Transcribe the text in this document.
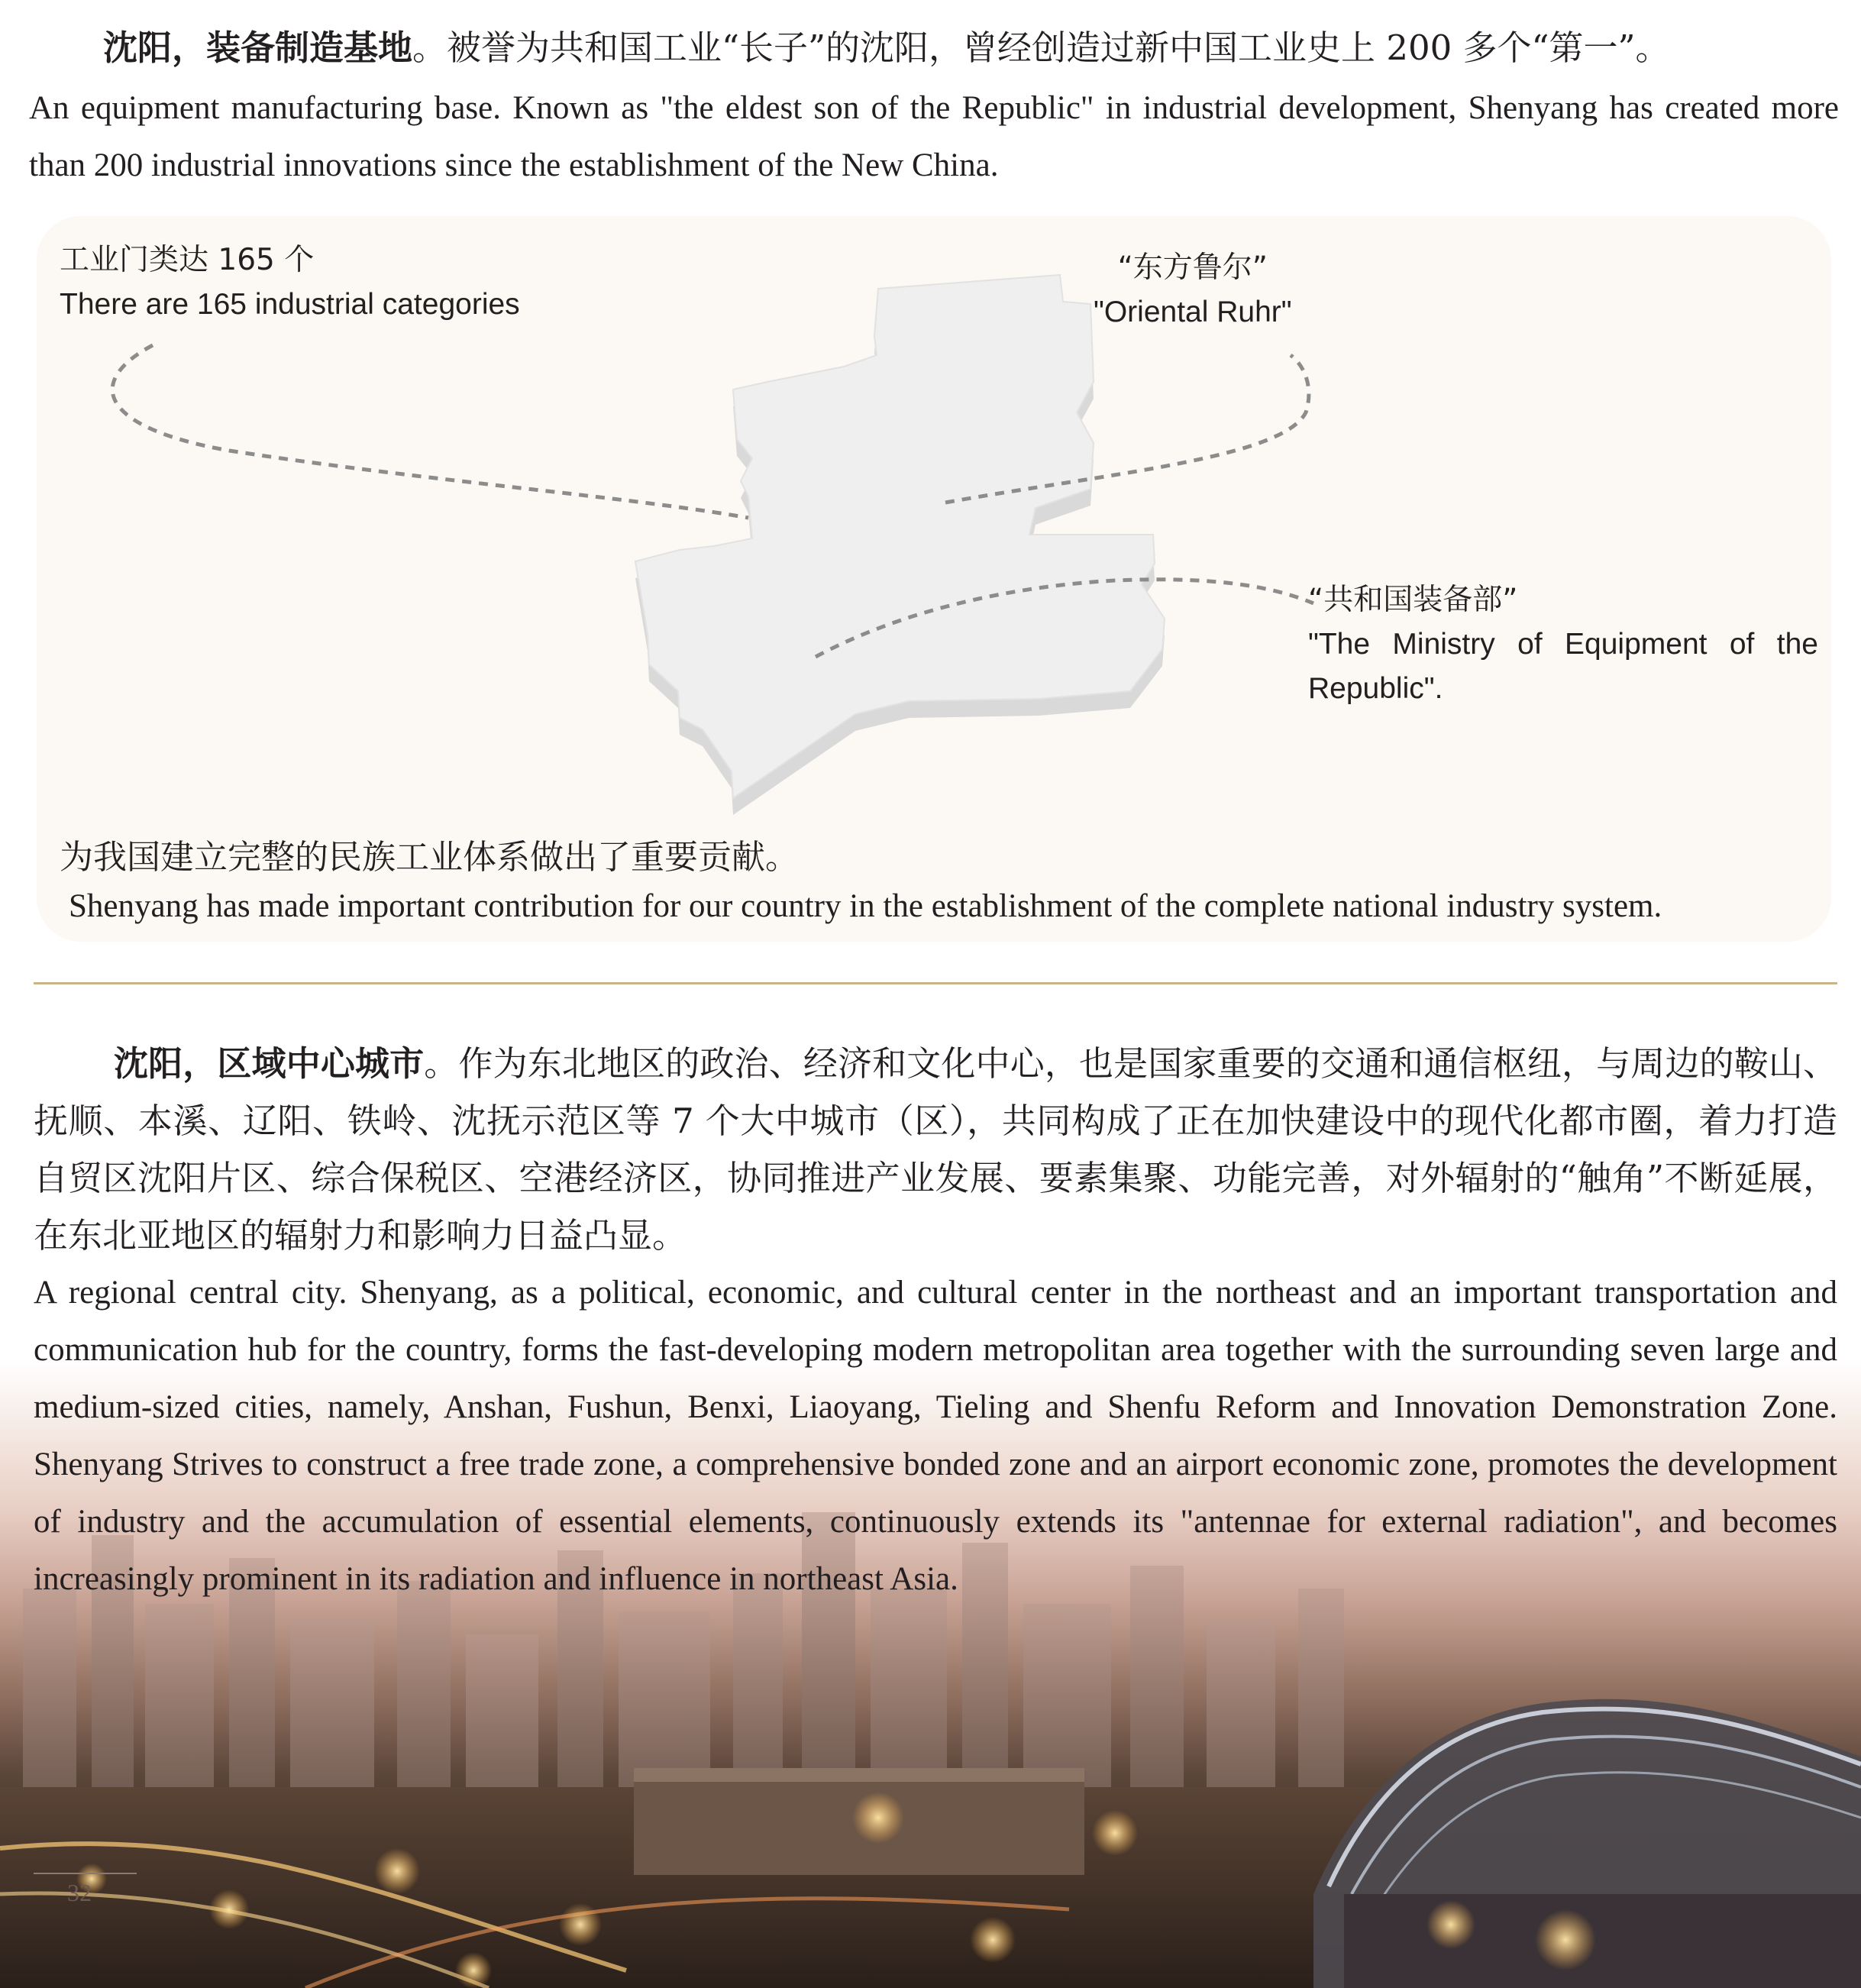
沈阳，装备制造基地。被誉为共和国工业“长子”的沈阳，曾经创造过新中国工业史上 200 多个“第一”。
An equipment manufacturing base. Known as "the eldest son of the Republic" in industrial development, Shenyang has created more than 200 industrial innovations since the establishment of the New China.
工业门类达 165 个
There are 165 industrial categories
“东方鲁尔”
"Oriental Ruhr"
“共和国装备部”
"The Ministry of Equipment of the Republic".
为我国建立完整的民族工业体系做出了重要贡献。
Shenyang has made important contribution for our country in the establishment of the complete national industry system.
沈阳，区域中心城市。作为东北地区的政治、经济和文化中心，也是国家重要的交通和通信枢纽，与周边的鞍山、抚顺、本溪、辽阳、铁岭、沈抚示范区等 7 个大中城市（区），共同构成了正在加快建设中的现代化都市圈，着力打造自贸区沈阳片区、综合保税区、空港经济区，协同推进产业发展、要素集聚、功能完善，对外辐射的“触角”不断延展，在东北亚地区的辐射力和影响力日益凸显。
A regional central city. Shenyang, as a political, economic, and cultural center in the northeast and an important transportation and communication hub for the country, forms the fast-developing modern metropolitan area together with the surrounding seven large and medium-sized cities, namely, Anshan, Fushun, Benxi, Liaoyang, Tieling and Shenfu Reform and Innovation Demonstration Zone. Shenyang Strives to construct a free trade zone, a comprehensive bonded zone and an airport economic zone, promotes the development of industry and the accumulation of essential elements, continuously extends its "antennae for external radiation", and becomes increasingly prominent in its radiation and influence in northeast Asia.
32
